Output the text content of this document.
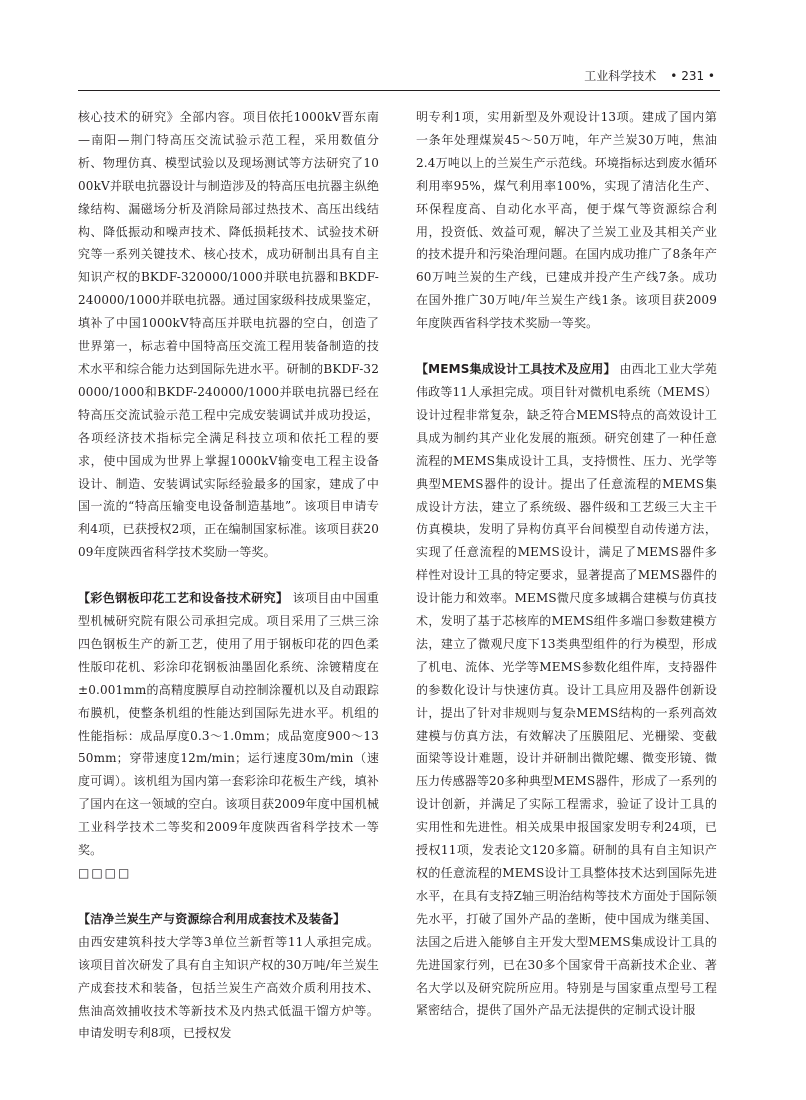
工业科学技术 • 231 •

核心技术的研究》全部内容。项目依托1000kV晋东南—南阳—荆门特高压交流试验示范工程，采用数值分析、物理仿真、模型试验以及现场测试等方法研究了1000kV并联电抗器设计与制造涉及的特高压电抗器主纵绝缘结构、漏磁场分析及消除局部过热技术、高压出线结构、降低振动和噪声技术、降低损耗技术、试验技术研究等一系列关键技术、核心技术，成功研制出具有自主知识产权的BKDF-320000/1000并联电抗器和BKDF-240000/1000并联电抗器。通过国家级科技成果鉴定，填补了中国1000kV特高压并联电抗器的空白，创造了世界第一，标志着中国特高压交流工程用装备制造的技术水平和综合能力达到国际先进水平。研制的BKDF-320000/1000和BKDF-240000/1000并联电抗器已经在特高压交流试验示范工程中完成安装调试并成功投运，各项经济技术指标完全满足科技立项和依托工程的要求，使中国成为世界上掌握1000kV输变电工程主设备设计、制造、安装调试实际经验最多的国家，建成了中国一流的“特高压输变电设备制造基地”。该项目申请专利4项，已获授权2项，正在编制国家标准。该项目获2009年度陕西省科学技术奖励一等奖。

【彩色钢板印花工艺和设备技术研究】 该项目由中国重型机械研究院有限公司承担完成。项目采用了三烘三涂四色钢板生产的新工艺，使用了用于钢板印花的四色柔性版印花机、彩涂印花钢板油墨固化系统、涂镀精度在±0.001mm的高精度膜厚自动控制涂覆机以及自动跟踪布膜机，使整条机组的性能达到国际先进水平。机组的性能指标：成品厚度0.3～1.0mm；成品宽度900～1350mm；穿带速度12m/min；运行速度30m/min（速度可调）。该机组为国内第一套彩涂印花板生产线，填补了国内在这一领域的空白。该项目获2009年度中国机械工业科学技术二等奖和2009年度陕西省科学技术一等奖。

□□□□

【洁净兰炭生产与资源综合利用成套技术及装备】
由西安建筑科技大学等3单位兰新哲等11人承担完成。该项目首次研发了具有自主知识产权的30万吨/年兰炭生产成套技术和装备，包括兰炭生产高效介质利用技术、焦油高效捕收技术等新技术及内热式低温干馏方炉等。申请发明专利8项，已授权发

明专利1项，实用新型及外观设计13项。建成了国内第一条年处理煤炭45～50万吨，年产兰炭30万吨，焦油2.4万吨以上的兰炭生产示范线。环境指标达到废水循环利用率95%，煤气利用率100%，实现了清洁化生产、环保程度高、自动化水平高，便于煤气等资源综合利用，投资低、效益可观，解决了兰炭工业及其相关产业的技术提升和污染治理问题。在国内成功推广了8条年产60万吨兰炭的生产线，已建成并投产生产线7条。成功在国外推广30万吨/年兰炭生产线1条。该项目获2009年度陕西省科学技术奖励一等奖。

【MEMS集成设计工具技术及应用】 由西北工业大学苑伟政等11人承担完成。项目针对微机电系统（MEMS）设计过程非常复杂，缺乏符合MEMS特点的高效设计工具成为制约其产业化发展的瓶颈。研究创建了一种任意流程的MEMS集成设计工具，支持惯性、压力、光学等典型MEMS器件的设计。提出了任意流程的MEMS集成设计方法，建立了系统级、器件级和工艺级三大主干仿真模块，发明了异构仿真平台间模型自动传递方法，实现了任意流程的MEMS设计，满足了MEMS器件多样性对设计工具的特定要求，显著提高了MEMS器件的设计能力和效率。MEMS微尺度多域耦合建模与仿真技术，发明了基于芯核库的MEMS组件多端口参数建模方法，建立了微观尺度下13类典型组件的行为模型，形成了机电、流体、光学等MEMS参数化组件库，支持器件的参数化设计与快速仿真。设计工具应用及器件创新设计，提出了针对非规则与复杂MEMS结构的一系列高效建模与仿真方法，有效解决了压膜阻尼、光栅梁、变截面梁等设计难题，设计并研制出微陀螺、微变形镜、微压力传感器等20多种典型MEMS器件，形成了一系列的设计创新，并满足了实际工程需求，验证了设计工具的实用性和先进性。相关成果申报国家发明专利24项，已授权11项，发表论文120多篇。研制的具有自主知识产权的任意流程的MEMS设计工具整体技术达到国际先进水平，在具有支持Z轴三明治结构等技术方面处于国际领先水平，打破了国外产品的垄断，使中国成为继美国、法国之后进入能够自主开发大型MEMS集成设计工具的先进国家行列，已在30多个国家骨干高新技术企业、著名大学以及研究院所应用。特别是与国家重点型号工程紧密结合，提供了国外产品无法提供的定制式设计服
